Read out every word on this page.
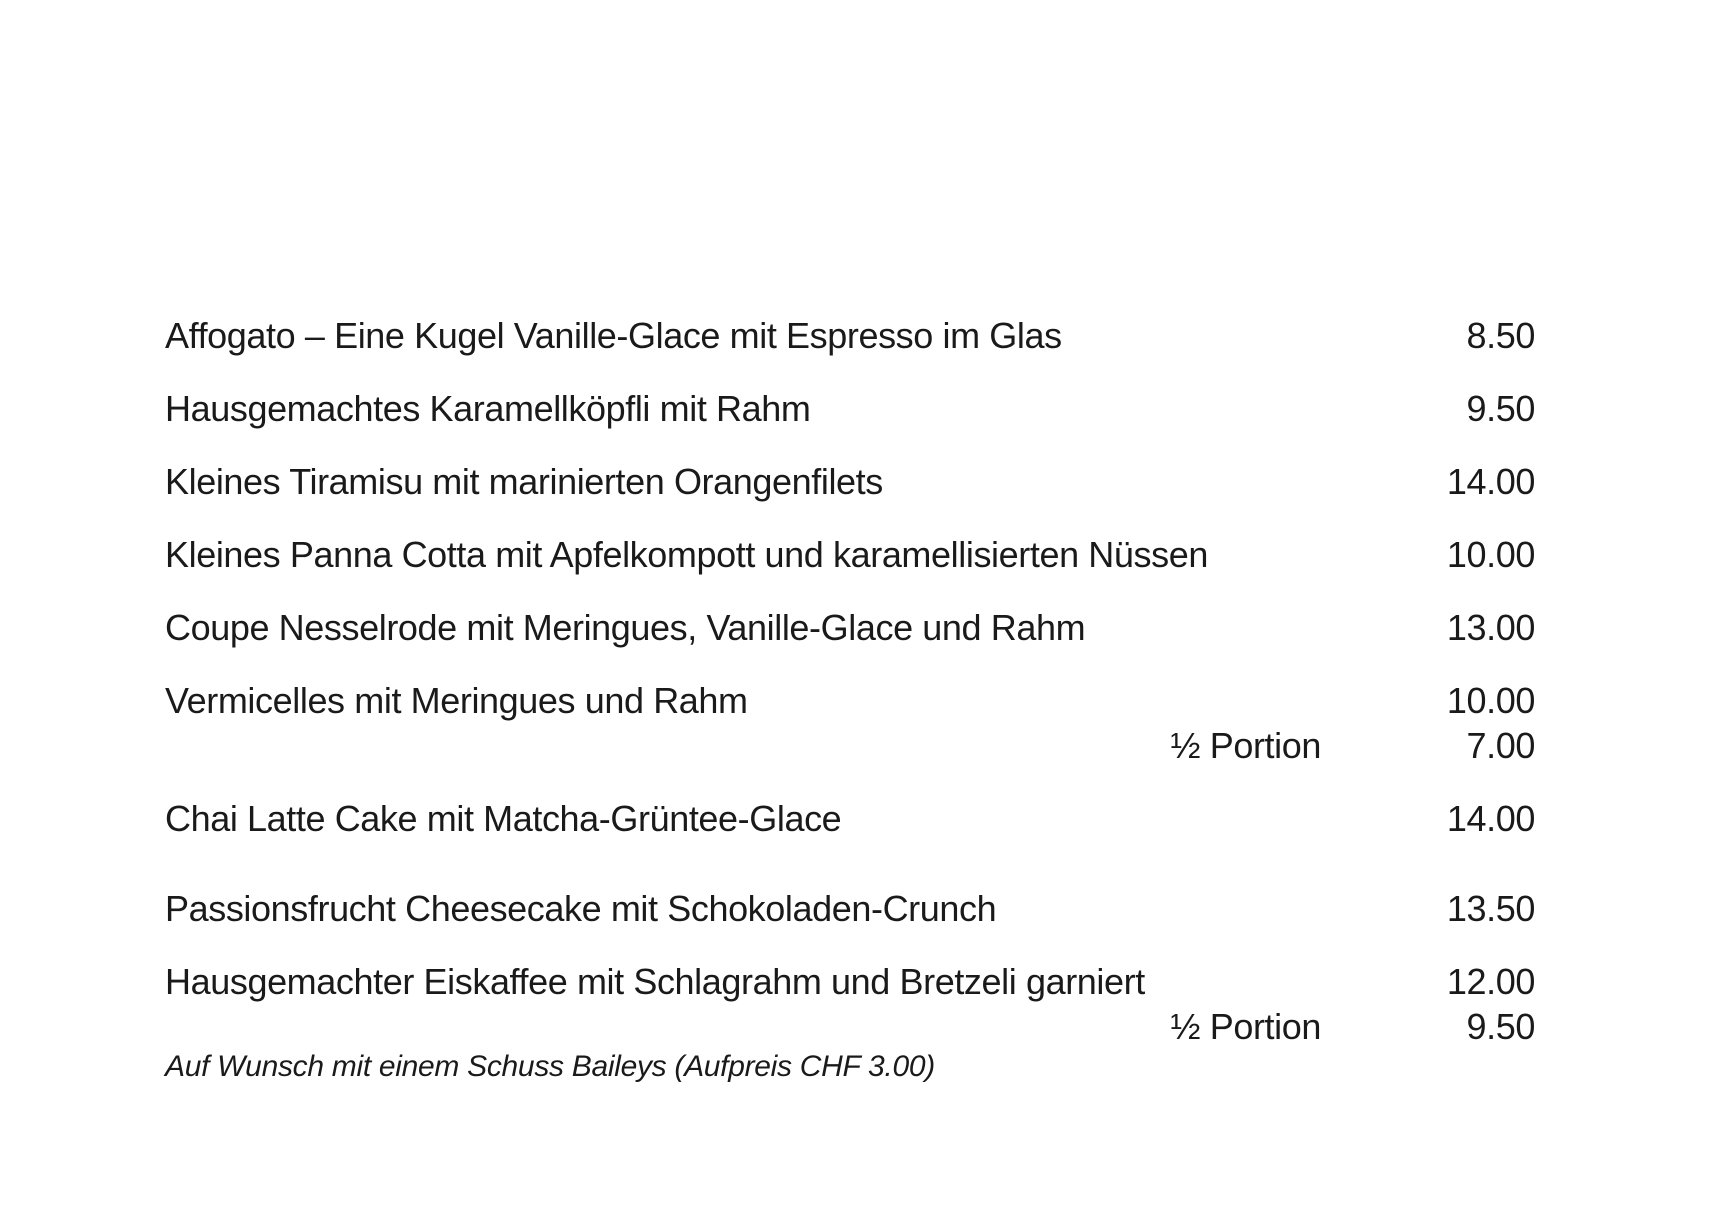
Affogato – Eine Kugel Vanille-Glace mit Espresso im Glas	8.50
Hausgemachtes Karamellköpfli mit Rahm	9.50
Kleines Tiramisu mit marinierten Orangenfilets	14.00
Kleines Panna Cotta mit Apfelkompott und karamellisierten Nüssen	10.00
Coupe Nesselrode mit Meringues, Vanille-Glace und Rahm	13.00
Vermicelles mit Meringues und Rahm	10.00
½ Portion	7.00
Chai Latte Cake mit Matcha-Grüntee-Glace	14.00
Passionsfrucht Cheesecake mit Schokoladen-Crunch	13.50
Hausgemachter Eiskaffee mit Schlagrahm und Bretzeli garniert	12.00
½ Portion	9.50
Auf Wunsch mit einem Schuss Baileys (Aufpreis CHF 3.00)
